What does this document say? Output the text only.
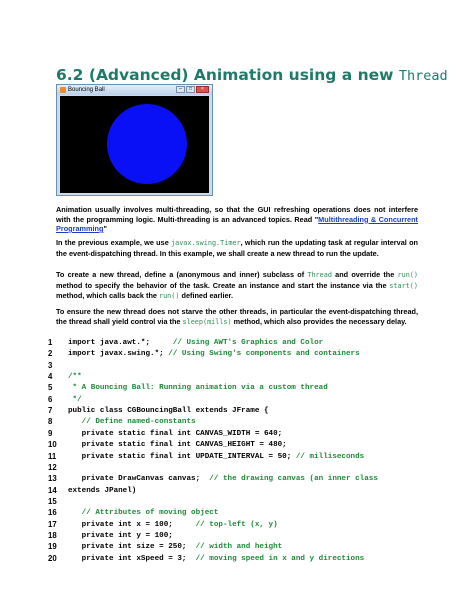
6.2 (Advanced) Animation using a new Thread
Bouncing Ball	–	□	×

Animation usually involves multi-threading, so that the GUI refreshing operations does not interfere with the programming logic. Multi-threading is an advanced topics. Read "Multithreading & Concurrent Programming"

In the previous example, we use javax.swing.Timer, which run the updating task at regular interval on the event-dispatching thread. In this example, we shall create a new thread to run the update.

To create a new thread, define a (anonymous and inner) subclass of Thread and override the run() method to specify the behavior of the task. Create an instance and start the instance via the start() method, which calls back the run() defined earlier.

To ensure the new thread does not starve the other threads, in particular the event-dispatching thread, the thread shall yield control via the sleep(mills) method, which also provides the necessary delay.

1	import java.awt.*;     // Using AWT's Graphics and Color
2	import javax.swing.*; // Using Swing's components and containers
3
4	/**
5	* A Bouncing Ball: Running animation via a custom thread
6	*/
7	public class CGBouncingBall extends JFrame {
8	// Define named-constants
9	private static final int CANVAS_WIDTH = 640;
10	private static final int CANVAS_HEIGHT = 480;
11	private static final int UPDATE_INTERVAL = 50; // milliseconds
12
13	private DrawCanvas canvas;  // the drawing canvas (an inner class
14	extends JPanel)
15
16	// Attributes of moving object
17	private int x = 100;     // top-left (x, y)
18	private int y = 100;
19	private int size = 250;  // width and height
20	private int xSpeed = 3;  // moving speed in x and y directions
